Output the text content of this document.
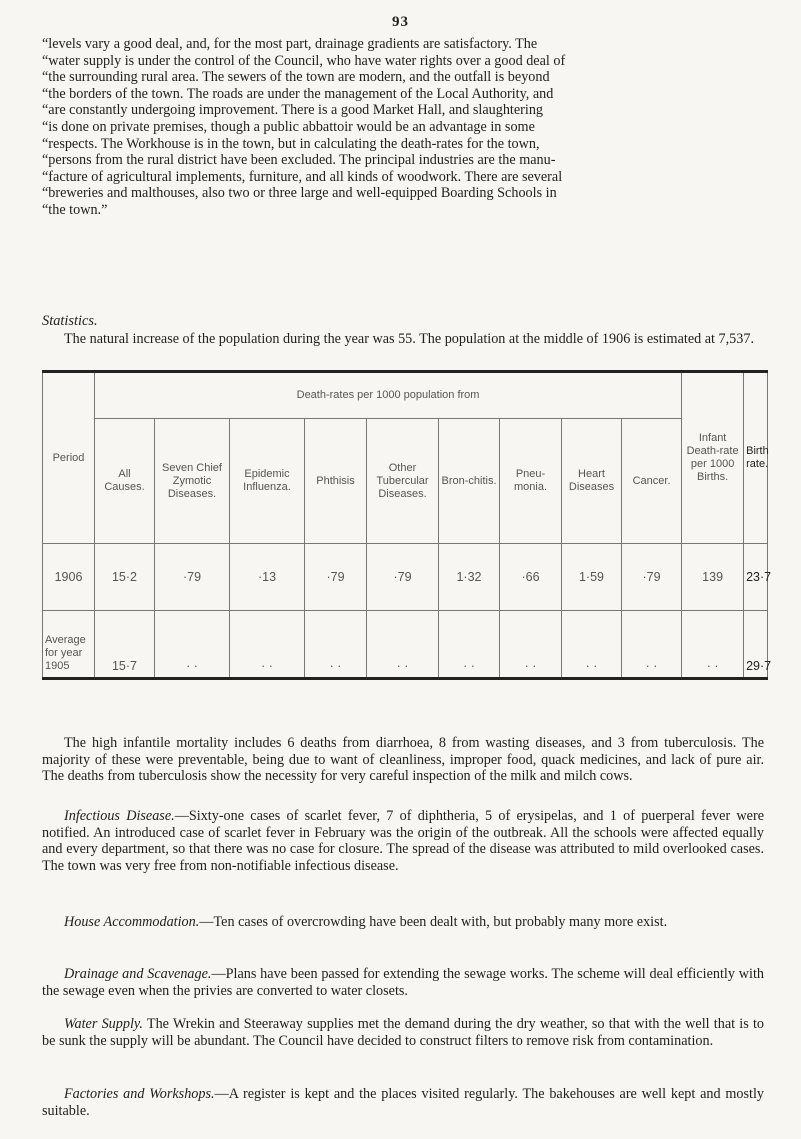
93
“levels vary a good deal, and, for the most part, drainage gradients are satisfactory. The
“water supply is under the control of the Council, who have water rights over a good deal of
“the surrounding rural area. The sewers of the town are modern, and the outfall is beyond
“the borders of the town. The roads are under the management of the Local Authority, and
“are constantly undergoing improvement. There is a good Market Hall, and slaughtering
“is done on private premises, though a public abbattoir would be an advantage in some
“respects. The Workhouse is in the town, but in calculating the death-rates for the town,
“persons from the rural district have been excluded. The principal industries are the manu-
“facture of agricultural implements, furniture, and all kinds of woodwork. There are several
“breweries and malthouses, also two or three large and well-equipped Boarding Schools in
“the town.”
Statistics.

The natural increase of the population during the year was 55. The population at the middle of 1906 is estimated at 7,537.

Period	Death-rates per 1000 population from									Infant Death-rate per 1000 Births.	Birth rate.
	All Causes.	Seven Chief Zymotic Diseases.	Epidemic Influenza.	Phthisis	Other Tubercular Diseases.	Bron-chitis.	Pneu-monia.	Heart Diseases	Cancer.		
1906	15·2	·79	·13	·79	·79	1·32	·66	1·59	·79	139	23·7
Average for year 1905	15·7	· ·	· ·	· ·	· ·	· ·	· ·	· ·	· ·	· ·	29·7

The high infantile mortality includes 6 deaths from diarrhoea, 8 from wasting diseases, and 3 from tuberculosis. The majority of these were preventable, being due to want of cleanliness, improper food, quack medicines, and lack of pure air. The deaths from tuberculosis show the necessity for very careful inspection of the milk and milch cows.

Infectious Disease.—Sixty-one cases of scarlet fever, 7 of diphtheria, 5 of erysipelas, and 1 of puerperal fever were notified. An introduced case of scarlet fever in February was the origin of the outbreak. All the schools were affected equally and every department, so that there was no case for closure. The spread of the disease was attributed to mild overlooked cases. The town was very free from non-notifiable infectious disease.

House Accommodation.—Ten cases of overcrowding have been dealt with, but probably many more exist.

Drainage and Scavenage.—Plans have been passed for extending the sewage works. The scheme will deal efficiently with the sewage even when the privies are converted to water closets.

Water Supply. The Wrekin and Steeraway supplies met the demand during the dry weather, so that with the well that is to be sunk the supply will be abundant. The Council have decided to construct filters to remove risk from contamination.

Factories and Workshops.—A register is kept and the places visited regularly. The bakehouses are well kept and mostly suitable.
